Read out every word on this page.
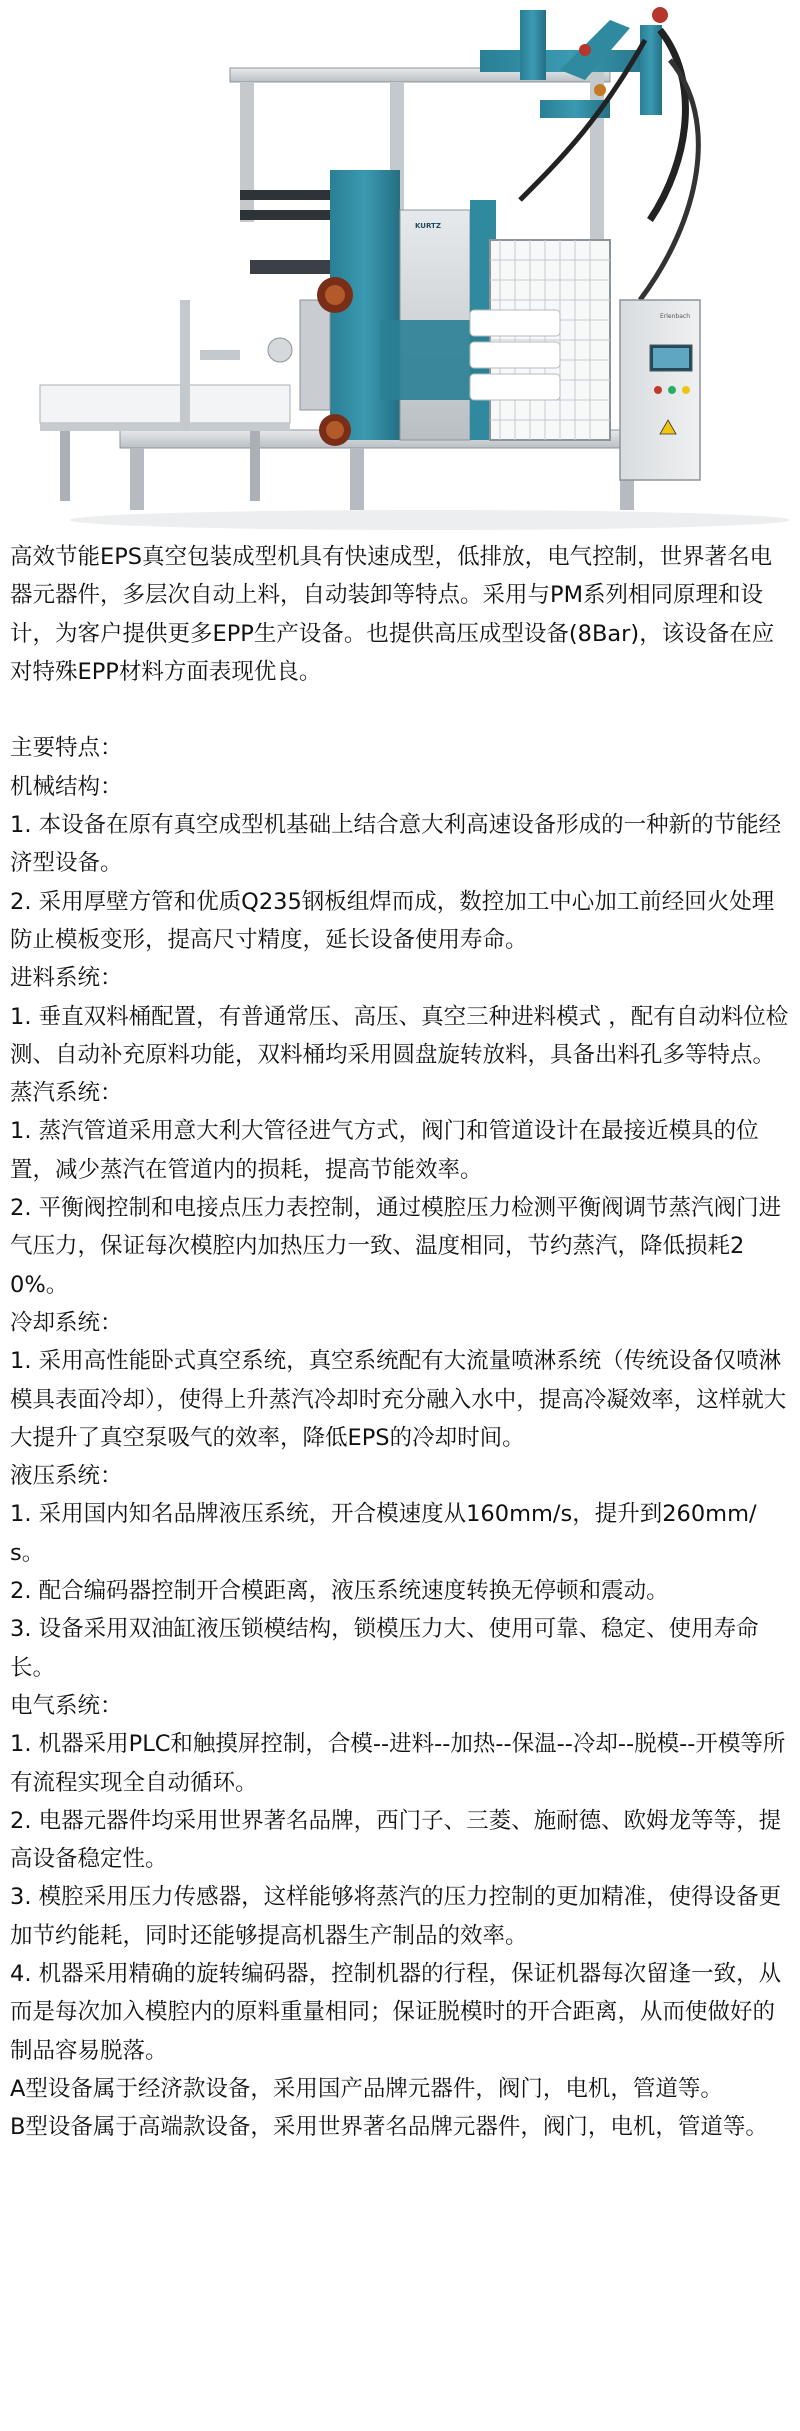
Erlenbach
KURTZ

高效节能EPS真空包装成型机具有快速成型，低排放，电气控制，世界著名电器元器件，多层次自动上料，自动装卸等特点。采用与PM系列相同原理和设计，为客户提供更多EPP生产设备。也提供高压成型设备(8Bar)，该设备在应对特殊EPP材料方面表现优良。

主要特点：

机械结构：

1. 本设备在原有真空成型机基础上结合意大利高速设备形成的一种新的节能经济型设备。

2. 采用厚壁方管和优质Q235钢板组焊而成，数控加工中心加工前经回火处理防止模板变形，提高尺寸精度，延长设备使用寿命。

进料系统：

1. 垂直双料桶配置，有普通常压、高压、真空三种进料模式 ，配有自动料位检测、自动补充原料功能，双料桶均采用圆盘旋转放料，具备出料孔多等特点。

蒸汽系统：

1. 蒸汽管道采用意大利大管径进气方式，阀门和管道设计在最接近模具的位置，减少蒸汽在管道内的损耗，提高节能效率。

2. 平衡阀控制和电接点压力表控制，通过模腔压力检测平衡阀调节蒸汽阀门进气压力，保证每次模腔内加热压力一致、温度相同，节约蒸汽，降低损耗20%。

冷却系统：

1. 采用高性能卧式真空系统，真空系统配有大流量喷淋系统（传统设备仅喷淋模具表面冷却），使得上升蒸汽冷却时充分融入水中，提高冷凝效率，这样就大大提升了真空泵吸气的效率，降低EPS的冷却时间。

液压系统：

1. 采用国内知名品牌液压系统，开合模速度从160mm/s，提升到260mm/s。

2. 配合编码器控制开合模距离，液压系统速度转换无停顿和震动。

3. 设备采用双油缸液压锁模结构，锁模压力大、使用可靠、稳定、使用寿命长。

电气系统：

1. 机器采用PLC和触摸屏控制，合模--进料--加热--保温--冷却--脱模--开模等所有流程实现全自动循环。

2. 电器元器件均采用世界著名品牌，西门子、三菱、施耐德、欧姆龙等等，提高设备稳定性。

3. 模腔采用压力传感器，这样能够将蒸汽的压力控制的更加精准，使得设备更加节约能耗，同时还能够提高机器生产制品的效率。

4. 机器采用精确的旋转编码器，控制机器的行程，保证机器每次留逢一致，从而是每次加入模腔内的原料重量相同；保证脱模时的开合距离，从而使做好的制品容易脱落。

A型设备属于经济款设备，采用国产品牌元器件，阀门，电机，管道等。

B型设备属于高端款设备，采用世界著名品牌元器件，阀门，电机，管道等。
